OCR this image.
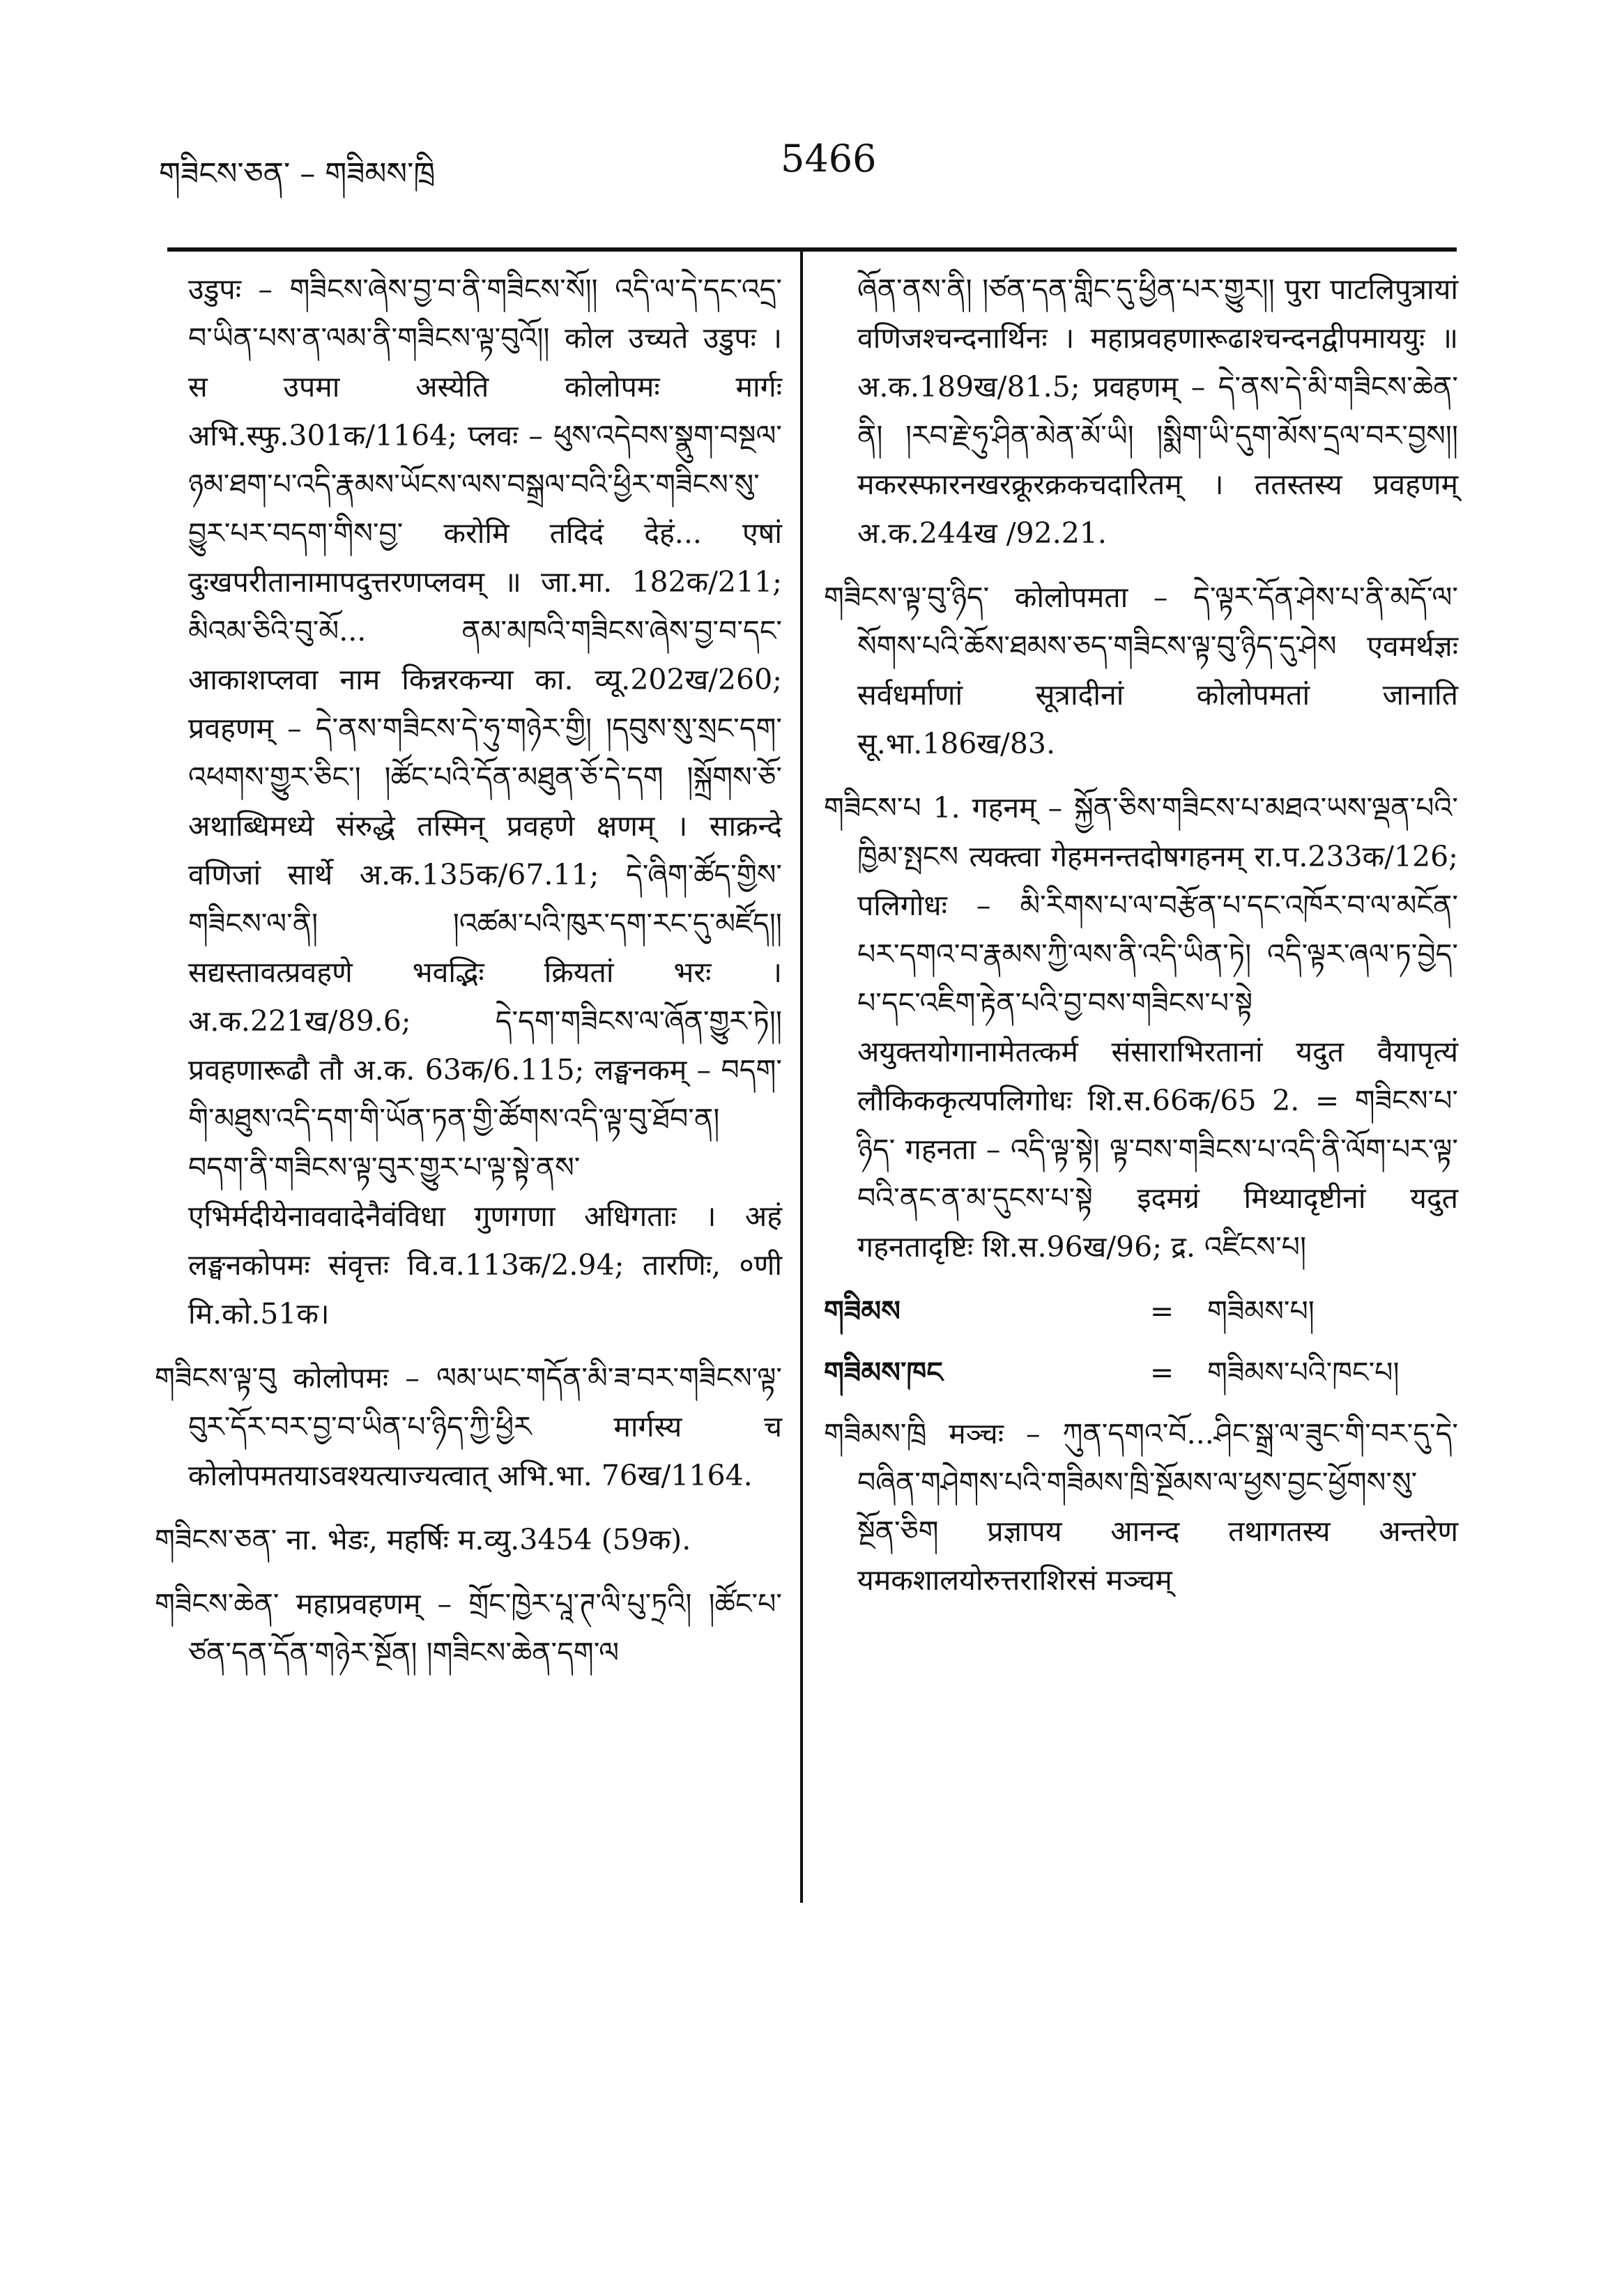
གཟིངས་ཅན་ – གཟིམས་ཁྲི	5466

उडुपः – གཟིངས་ཞེས་བྱ་བ་ནི་གཟིངས་སོ།། འདི་ལ་དེ་དང་འདྲ་བ་ཡིན་པས་ན་ལམ་ནི་གཟིངས་ལྟ་བུའོ།། कोल उच्यते उडुपः । स उपमा अस्येति कोलोपमः मार्गः अभि.स्फु.301क/1164; प्लवः – ཕུས་འདེབས་སྣུག་བསྔལ་ཉམ་ཐག་པ་འདི་རྣམས་ཡོངས་ལས་བསྒྲལ་བའི་ཕྱིར་གཟིངས་སུ་བྱུར་པར་བདག་གིས་བྱ་ करोमि तदिदं देहं... एषां दुःखपरीतानामापदुत्तरणप्लवम् ॥ जा.मा. 182क/211; མིའམ་ཅིའི་བུ་མོ... ནམ་མཁའི་གཟིངས་ཞེས་བྱ་བ་དང་ आकाशप्लवा नाम किन्नरकन्या का. व्यू.202ख/260; प्रवहणम् – དེ་ནས་གཟིངས་དེ་ཧུ་གཉེར་གྱི། །དབུས་སུ་སྲང་དག་འཕགས་གྱུར་ཅིང་། །ཚོང་པའི་དོན་མཐུན་ཅོ་དེ་དག །སྐྲོགས་ཅོ་ अथाब्धिमध्ये संरुद्धे तस्मिन् प्रवहणे क्षणम् । साक्रन्दे वणिजां सार्थे अ.क.135क/67.11; དེ་ཞིག་ཚོད་གྱིས་གཟིངས་ལ་ནི། །འཚམ་པའི་ཁུར་དག་རང་དུ་མཛོད།། सद्यस्तावत्प्रवहणे भवद्भिः क्रियतां भरः । अ.क.221ख/89.6; དེ་དག་གཟིངས་ལ་ཞོན་གྱུར་ཏེ།། प्रवहणारूढौ तौ अ.क. 63क/6.115; लङ्घनकम् – བདག་གི་མཐུས་འདི་དག་གི་ཡོན་ཏན་གྱི་ཚོགས་འདི་ལྟ་བུ་ཐོབ་ན། བདག་ནི་གཟིངས་ལྟ་བུར་གྱུར་པ་ལྟ་སྟེ་ནས་ एभिर्मदीयेनाववादेनैवंविधा गुणगणा अधिगताः । अहं लङ्घनकोपमः संवृत्तः वि.व.113क/2.94; तारणिः, ०णी मि.को.51क।

གཟིངས་ལྟ་བུ कोलोपमः – ལམ་ཡང་གདོན་མི་ཟ་བར་གཟིངས་ལྟ་བུར་དོར་བར་བྱ་བ་ཡིན་པ་ཉིད་ཀྱི་ཕྱིར मार्गस्य च कोलोपमतयाऽवश्यत्याज्यत्वात् अभि.भा. 76ख/1164.

གཟིངས་ཅན་ ना. भेडः, महर्षिः म.व्यु.3454 (59क).

གཟིངས་ཆེན་ महाप्रवहणम् – གྲོང་ཁྱེར་པཱ་ཊ་ལི་པུ་ཏྲའི། །ཚོང་པ་ཙན་དན་དོན་གཉེར་སྔོན། །གཟིངས་ཆེན་དག་ལ

ཞོན་ནས་ནི། །ཙན་དན་གླིང་དུ་ཕྱིན་པར་གྱུར།། पुरा पाटलिपुत्रायां वणिजश्चन्दनार्थिनः । महाप्रवहणारूढाश्चन्दनद्वीपमाययुः ॥ अ.क.189ख/81.5; प्रवहणम् – དེ་ནས་དེ་མི་གཟིངས་ཆེན་ནི། །རབ་རྗེ་ཧུ་ཤིན་མེན་མོ་ཡི། །སྨིག་ཡི་དུག་མོས་དྲལ་བར་བྱས།། मकरस्फारनखरक्रूरक्रकचदारितम् । ततस्तस्य प्रवहणम् अ.क.244ख /92.21.

གཟིངས་ལྟ་བུ་ཉིད་ कोलोपमता – དེ་ལྟར་དོན་ཤེས་པ་ནི་མདོ་ལ་སོགས་པའི་ཆོས་ཐམས་ཅད་གཟིངས་ལྟ་བུ་ཉིད་དུ་ཤེས एवमर्थज्ञः सर्वधर्माणां सूत्रादीनां कोलोपमतां जानाति सू.भा.186ख/83.

གཟིངས་པ 1. गहनम् – སྐྱོན་ཅིས་གཟིངས་པ་མཐའ་ཡས་ལྡན་པའི་ཁྱིམ་སྤངས त्यक्त्वा गेहमनन्तदोषगहनम् रा.प.233क/126; पलिगोधः – མི་རིགས་པ་ལ་བརྩོན་པ་དང་འཁོར་བ་ལ་མངོན་པར་དགའ་བ་རྣམས་ཀྱི་ལས་ནི་འདི་ཡིན་ཏེ། འདི་ལྟར་ཞལ་ཏ་བྱེད་པ་དང་འཇིག་རྟེན་པའི་བྱ་བས་གཟིངས་པ་སྟེ अयुक्तयोगानामेतत्कर्म संसाराभिरतानां यदुत वैयापृत्यं लौकिककृत्यपलिगोधः शि.स.66क/65 2. = གཟིངས་པ་ཉིད་ गहनता – འདི་ལྟ་སྟེ། ལྟ་བས་གཟིངས་པ་འདི་ནི་ལོག་པར་ལྟ་བའི་ནང་ན་མ་དུངས་པ་སྟེ इदमग्रं मिथ्यादृष्टीनां यदुत गहनतादृष्टिः शि.स.96ख/96; द्र. འཛིངས་པ།

གཟིམས	=	གཟིམས་པ།
གཟིམས་ཁང	=	གཟིམས་པའི་ཁང་པ།

གཟིམས་ཁྲི मञ्चः – ཀུན་དགའ་བོ...ཤིང་སྒྲ་ལ་ཟུང་གི་བར་དུ་དེ་བཞིན་གཤེགས་པའི་གཟིམས་ཁྲི་སྔོམས་ལ་ཕྱས་བྱང་ཕྱོགས་སུ་སྔོན་ཅིག प्रज्ञापय आनन्द तथागतस्य अन्तरेण यमकशालयोरुत्तराशिरसं मञ्चम्
